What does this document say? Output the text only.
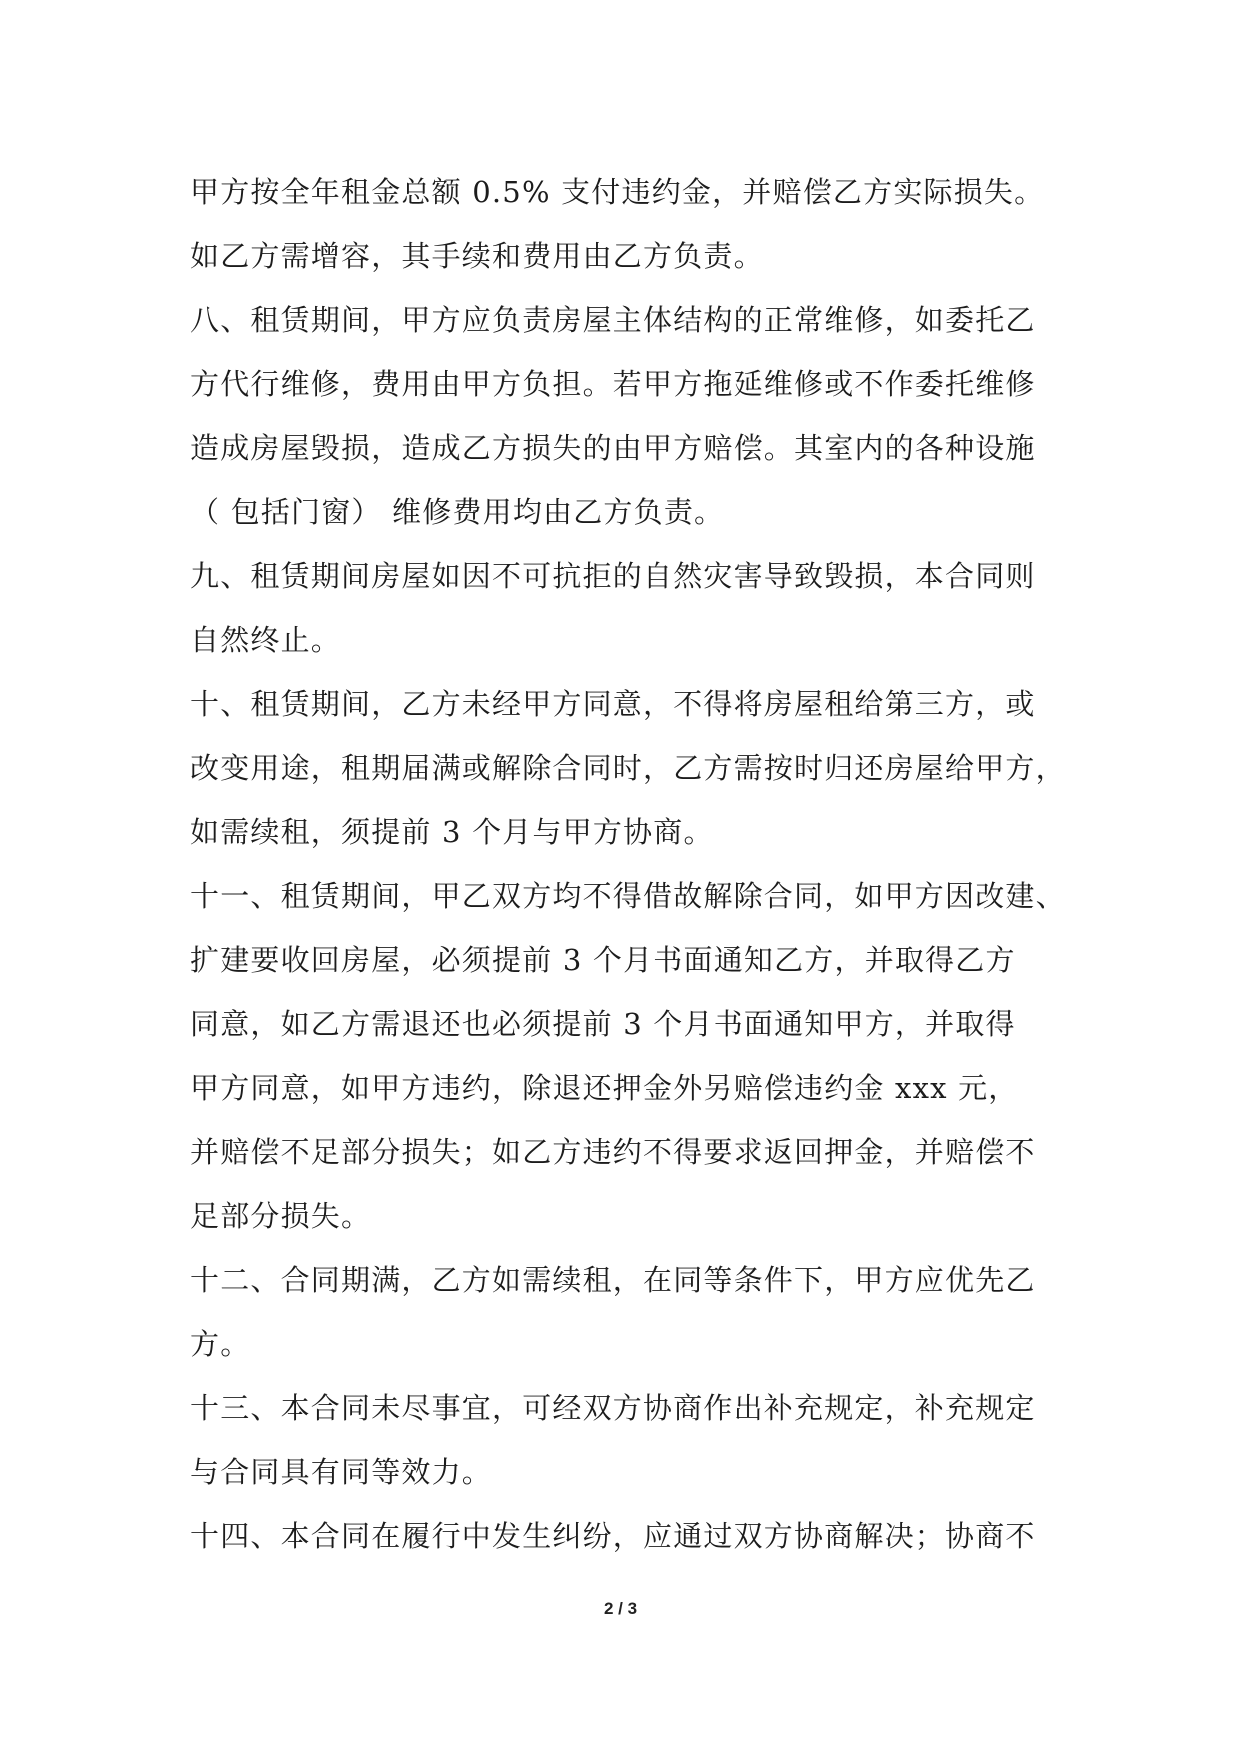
甲方按全年租金总额 0.5% 支付违约金，并赔偿乙方实际损失。
如乙方需增容，其手续和费用由乙方负责。
八、租赁期间，甲方应负责房屋主体结构的正常维修，如委托乙
方代行维修，费用由甲方负担。若甲方拖延维修或不作委托维修
造成房屋毁损，造成乙方损失的由甲方赔偿。其室内的各种设施
（ 包括门窗） 维修费用均由乙方负责。
九、租赁期间房屋如因不可抗拒的自然灾害导致毁损，本合同则
自然终止。
十、租赁期间，乙方未经甲方同意，不得将房屋租给第三方，或
改变用途，租期届满或解除合同时，乙方需按时归还房屋给甲方，
如需续租，须提前 3 个月与甲方协商。
十一、租赁期间，甲乙双方均不得借故解除合同，如甲方因改建、
扩建要收回房屋，必须提前 3 个月书面通知乙方，并取得乙方
同意，如乙方需退还也必须提前 3 个月书面通知甲方，并取得
甲方同意，如甲方违约，除退还押金外另赔偿违约金 xxx 元，
并赔偿不足部分损失；如乙方违约不得要求返回押金，并赔偿不
足部分损失。
十二、合同期满，乙方如需续租，在同等条件下，甲方应优先乙
方。
十三、本合同未尽事宜，可经双方协商作出补充规定，补充规定
与合同具有同等效力。
十四、本合同在履行中发生纠纷，应通过双方协商解决；协商不
2 / 3
